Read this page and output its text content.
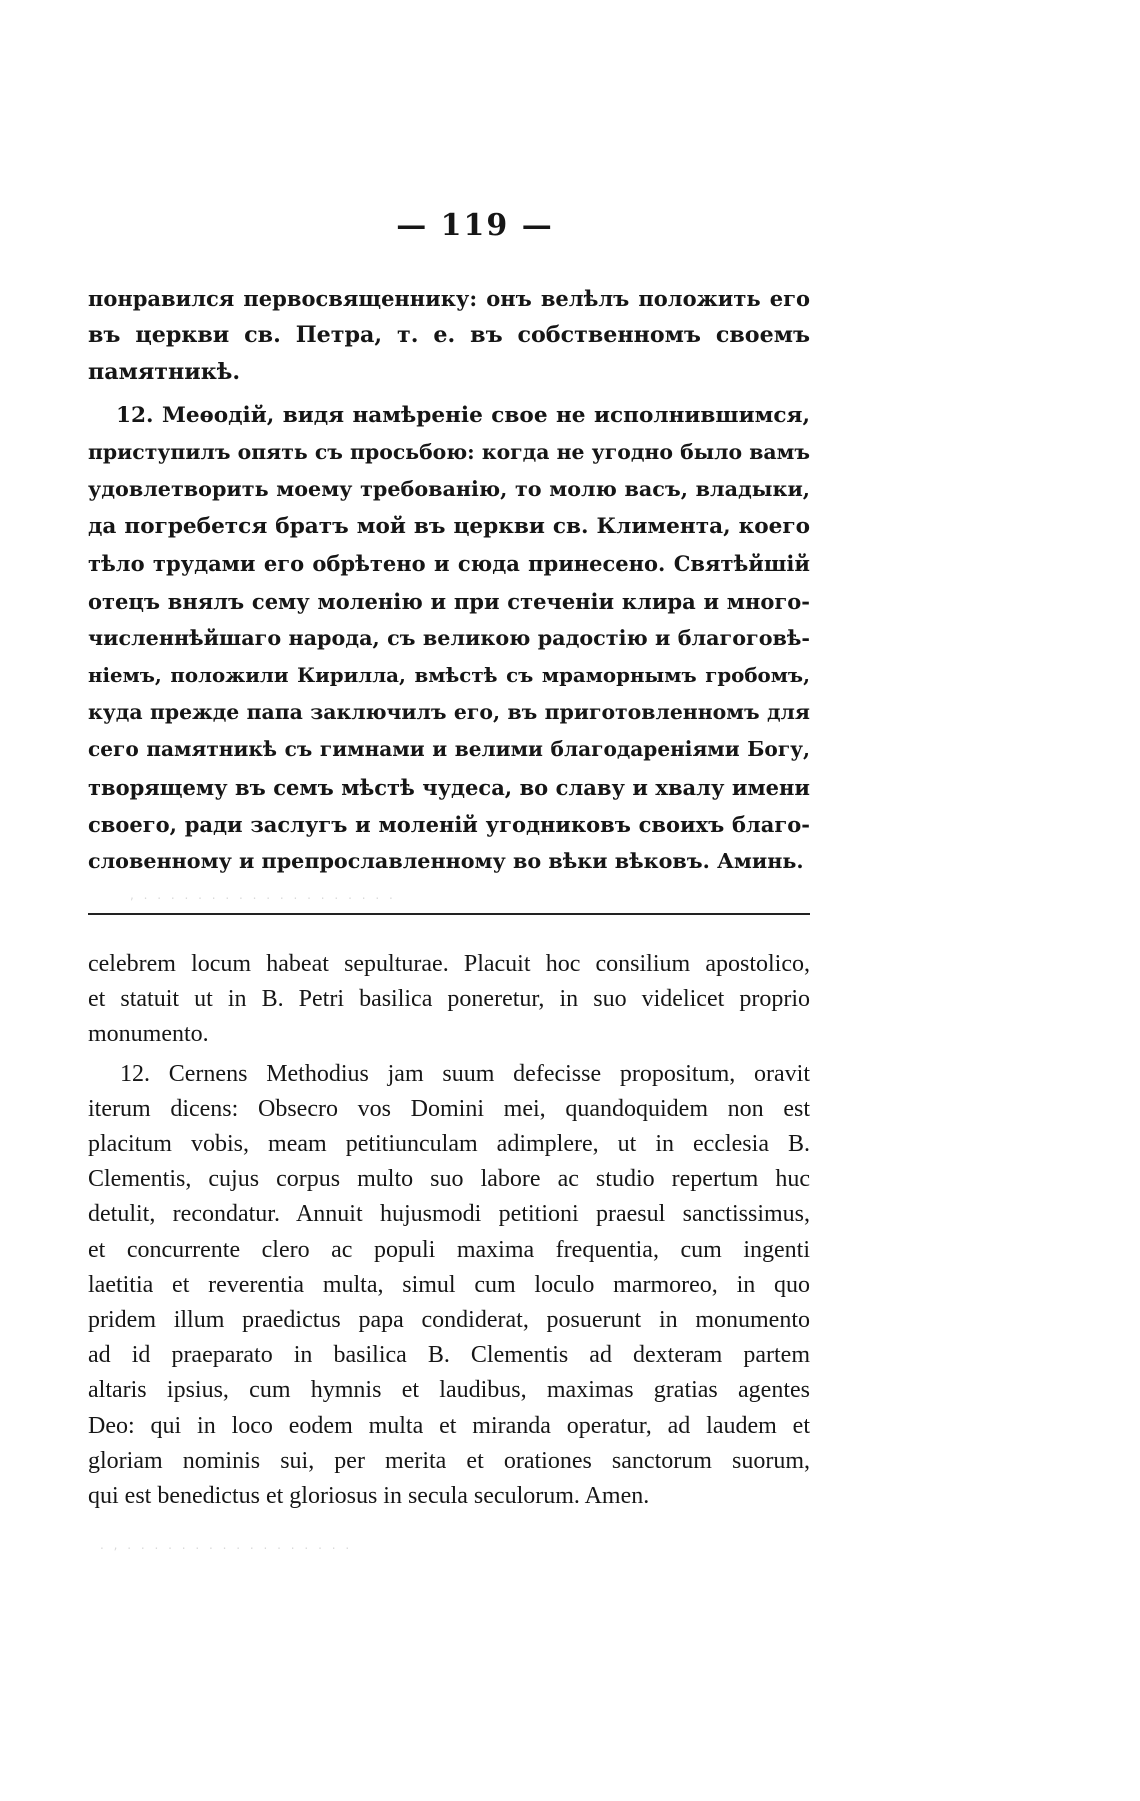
— 119 —
понравился первосвященнику: онъ велѣлъ положить его
въ церкви св. Петра, т. е. въ собственномъ своемъ
памятникѣ.
12. Меѳодій, видя намѣреніе свое не исполнившимся,
приступилъ опять съ просьбою: когда не угодно было вамъ
удовлетворить моему требованію, то молю васъ, владыки,
да погребется братъ мой въ церкви св. Климента, коего
тѣло трудами его обрѣтено и сюда принесено. Святѣйшій
отецъ внялъ сему моленію и при стеченіи клира и много-
численнѣйшаго народа, съ великою радостію и благоговѣ-
ніемъ, положили Кирилла, вмѣстѣ съ мраморнымъ гробомъ,
куда прежде папа заключилъ его, въ приготовленномъ для
сего памятникѣ съ гимнами и велими благодареніями Богу,
творящему въ семъ мѣстѣ чудеса, во славу и хвалу имени
своего, ради заслугъ и моленій угодниковъ своихъ благо-
словенному и препрославленному во вѣки вѣковъ. Аминь.
, . . . . . . . . . . . . . . . . . . .
celebrem locum habeat sepulturae. Placuit hoc consilium apostolico,
et statuit ut in B. Petri basilica poneretur, in suo videlicet proprio
monumento.
12. Cernens Methodius jam suum defecisse propositum, oravit
iterum dicens: Obsecro vos Domini mei, quandoquidem non est
placitum vobis, meam petitiunculam adimplere, ut in ecclesia B.
Clementis, cujus corpus multo suo labore ac studio repertum huc
detulit, recondatur. Annuit hujusmodi petitioni praesul sanctissimus,
et concurrente clero ac populi maxima frequentia, cum ingenti
laetitia et reverentia multa, simul cum loculo marmoreo, in quo
pridem illum praedictus papa condiderat, posuerunt in monumento
ad id praeparato in basilica B. Clementis ad dexteram partem
altaris ipsius, cum hymnis et laudibus, maximas gratias agentes
Deo: qui in loco eodem multa et miranda operatur, ad laudem et
gloriam nominis sui, per merita et orationes sanctorum suorum,
qui est benedictus et gloriosus in secula seculorum. Amen.
. , . . . . . . . . . . . . . . . . .
